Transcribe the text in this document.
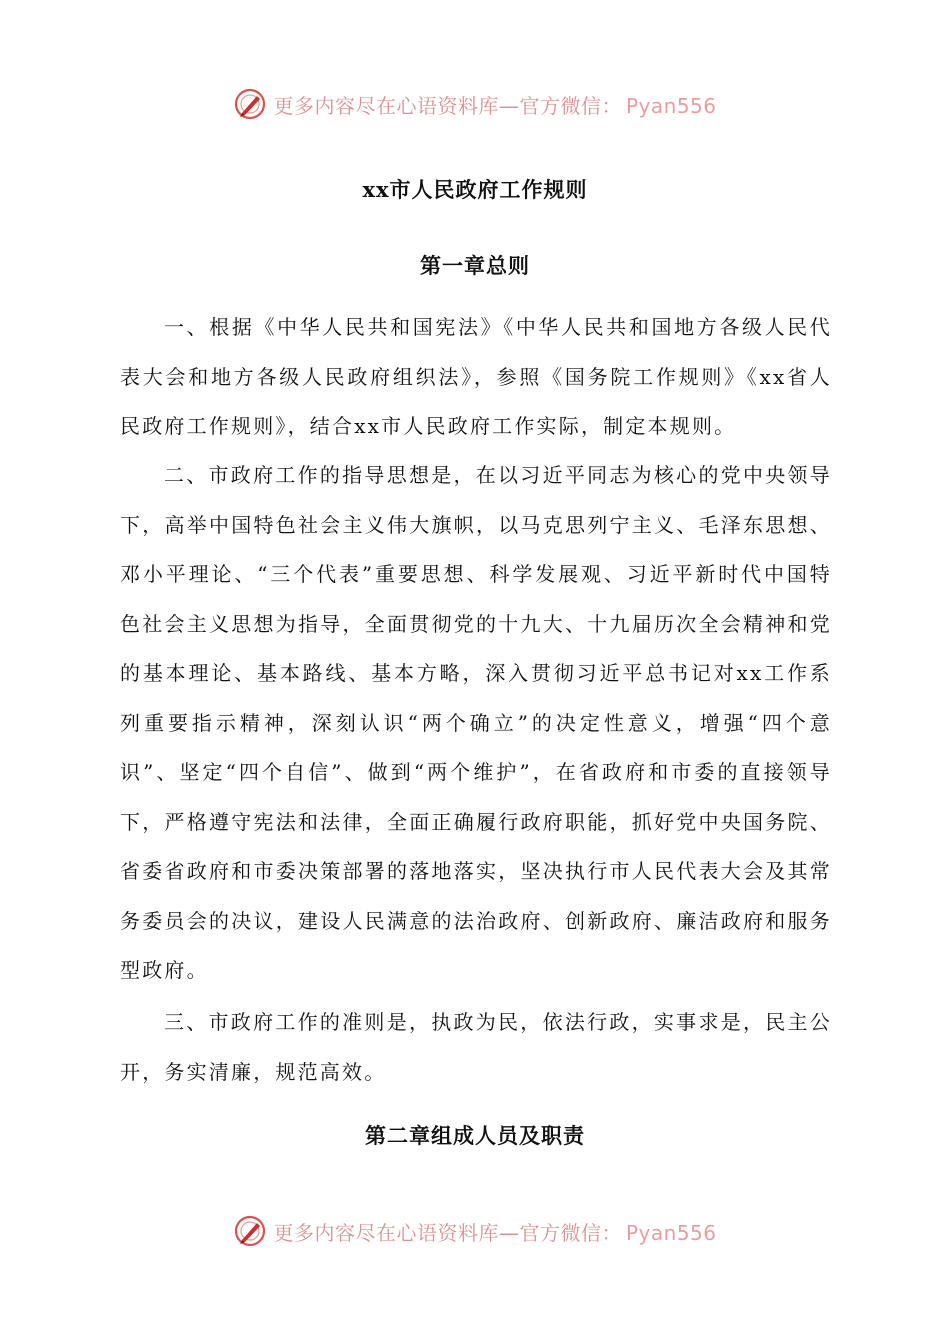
更多内容尽在心语资料库—官方微信： Pyan556
xx市人民政府工作规则
第一章总则

一、根据《中华人民共和国宪法》《中华人民共和国地方各级人民代表大会和地方各级人民政府组织法》，参照《国务院工作规则》《xx省人民政府工作规则》，结合xx市人民政府工作实际，制定本规则。

二、市政府工作的指导思想是，在以习近平同志为核心的党中央领导下，高举中国特色社会主义伟大旗帜，以马克思列宁主义、毛泽东思想、邓小平理论、“三个代表”重要思想、科学发展观、习近平新时代中国特色社会主义思想为指导，全面贯彻党的十九大、十九届历次全会精神和党的基本理论、基本路线、基本方略，深入贯彻习近平总书记对xx工作系列重要指示精神，深刻认识“两个确立”的决定性意义，增强“四个意识”、坚定“四个自信”、做到“两个维护”，在省政府和市委的直接领导下，严格遵守宪法和法律，全面正确履行政府职能，抓好党中央国务院、省委省政府和市委决策部署的落地落实，坚决执行市人民代表大会及其常务委员会的决议，建设人民满意的法治政府、创新政府、廉洁政府和服务型政府。

三、市政府工作的准则是，执政为民，依法行政，实事求是，民主公开，务实清廉，规范高效。

第二章组成人员及职责
更多内容尽在心语资料库—官方微信： Pyan556
